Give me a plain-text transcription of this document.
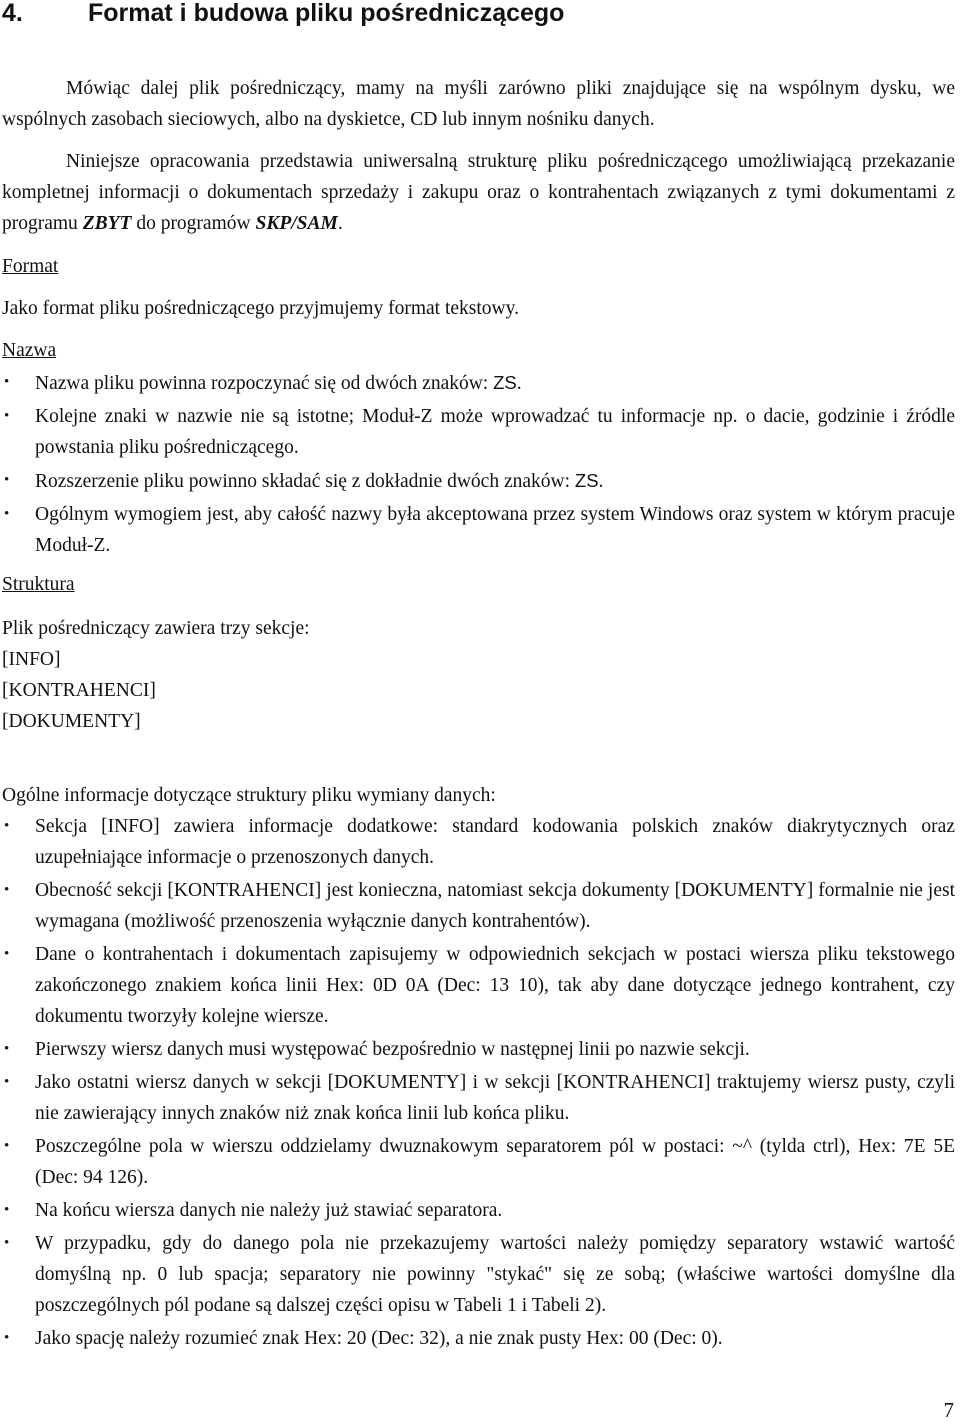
4.	Format i budowa pliku pośredniczącego

Mówiąc dalej plik pośredniczący, mamy na myśli zarówno pliki znajdujące się na wspólnym dysku, we wspólnych zasobach sieciowych, albo na dyskietce, CD lub innym nośniku danych.

Niniejsze opracowania przedstawia uniwersalną strukturę pliku pośredniczącego umożliwiającą przekazanie kompletnej informacji o dokumentach sprzedaży i zakupu oraz o kontrahentach związanych z tymi dokumentami z programu ZBYT do programów SKP/SAM.

Format

Jako format pliku pośredniczącego przyjmujemy format tekstowy.

Nazwa
• Nazwa pliku powinna rozpoczynać się od dwóch znaków: ZS.
• Kolejne znaki w nazwie nie są istotne; Moduł-Z może wprowadzać tu informacje np. o dacie, godzinie i źródle powstania pliku pośredniczącego.
• Rozszerzenie pliku powinno składać się z dokładnie dwóch znaków: ZS.
• Ogólnym wymogiem jest, aby całość nazwy była akceptowana przez system Windows oraz system w którym pracuje Moduł-Z.
Struktura

Plik pośredniczący zawiera trzy sekcje:

[INFO]

[KONTRAHENCI]

[DOKUMENTY]

Ogólne informacje dotyczące struktury pliku wymiany danych:

• Sekcja [INFO] zawiera informacje dodatkowe: standard kodowania polskich znaków diakrytycznych oraz uzupełniające informacje o przenoszonych danych.
• Obecność sekcji [KONTRAHENCI] jest konieczna, natomiast sekcja dokumenty [DOKUMENTY] formalnie nie jest wymagana (możliwość przenoszenia wyłącznie danych kontrahentów).
• Dane o kontrahentach i dokumentach zapisujemy w odpowiednich sekcjach w postaci wiersza pliku tekstowego zakończonego znakiem końca linii Hex: 0D 0A (Dec: 13 10), tak aby dane dotyczące jednego kontrahent, czy dokumentu tworzyły kolejne wiersze.
• Pierwszy wiersz danych musi występować bezpośrednio w następnej linii po nazwie sekcji.
• Jako ostatni wiersz danych w sekcji [DOKUMENTY] i w sekcji [KONTRAHENCI] traktujemy wiersz pusty, czyli nie zawierający innych znaków niż znak końca linii lub końca pliku.
• Poszczególne pola w wierszu oddzielamy dwuznakowym separatorem pól w postaci: ~^ (tylda ctrl), Hex: 7E 5E (Dec: 94 126).
• Na końcu wiersza danych nie należy już stawiać separatora.
• W przypadku, gdy do danego pola nie przekazujemy wartości należy pomiędzy separatory wstawić wartość domyślną np. 0 lub spacja; separatory nie powinny "stykać" się ze sobą; (właściwe wartości domyślne dla poszczególnych pól podane są dalszej części opisu w Tabeli 1 i Tabeli 2).
• Jako spację należy rozumieć znak Hex: 20 (Dec: 32), a nie znak pusty Hex: 00 (Dec: 0).
7
